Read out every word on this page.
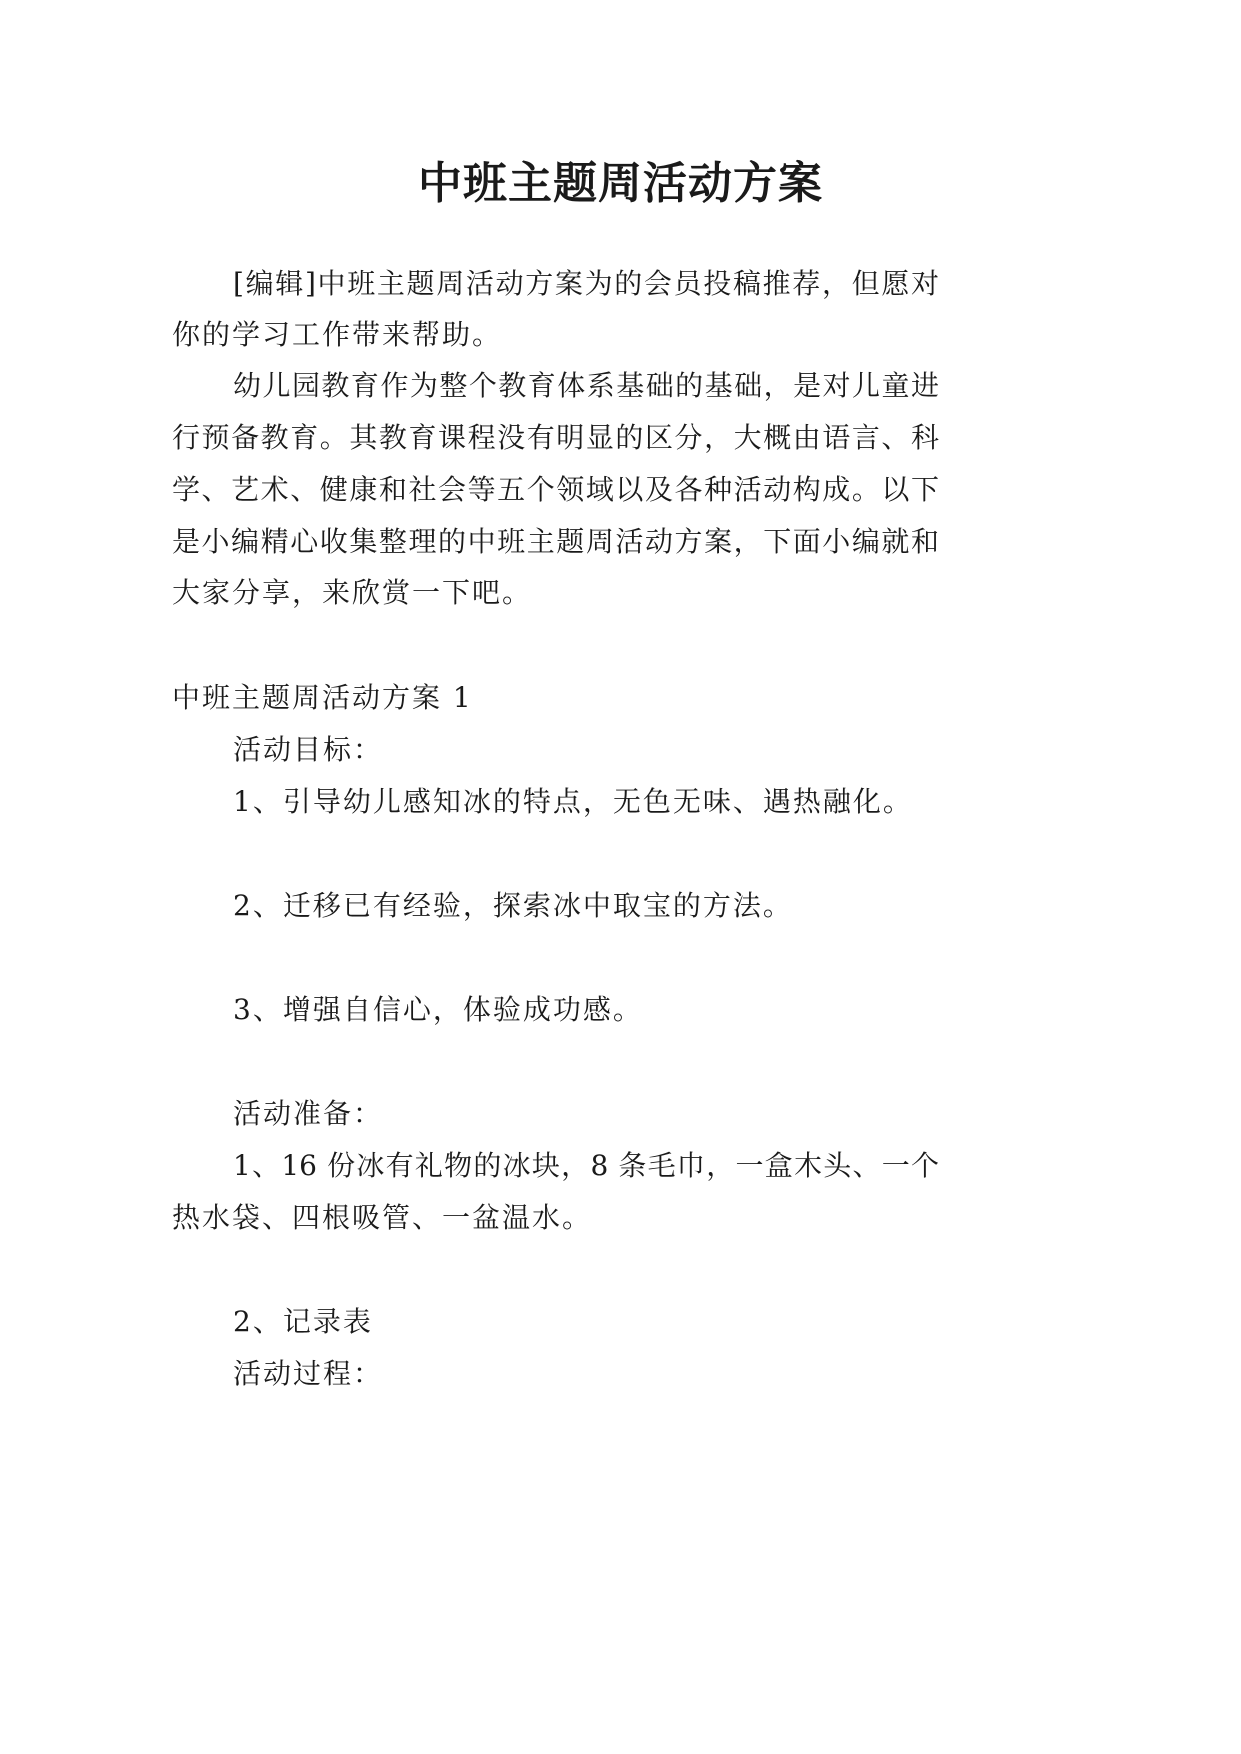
中班主题周活动方案

[编辑]中班主题周活动方案为的会员投稿推荐，但愿对

你的学习工作带来帮助。

幼儿园教育作为整个教育体系基础的基础，是对儿童进

行预备教育。其教育课程没有明显的区分，大概由语言、科

学、艺术、健康和社会等五个领域以及各种活动构成。以下

是小编精心收集整理的中班主题周活动方案，下面小编就和

大家分享，来欣赏一下吧。

中班主题周活动方案 1

活动目标：

1、引导幼儿感知冰的特点，无色无味、遇热融化。

2、迁移已有经验，探索冰中取宝的方法。

3、增强自信心，体验成功感。

活动准备：

1、16 份冰有礼物的冰块，8 条毛巾，一盒木头、一个

热水袋、四根吸管、一盆温水。

2、记录表

活动过程：
